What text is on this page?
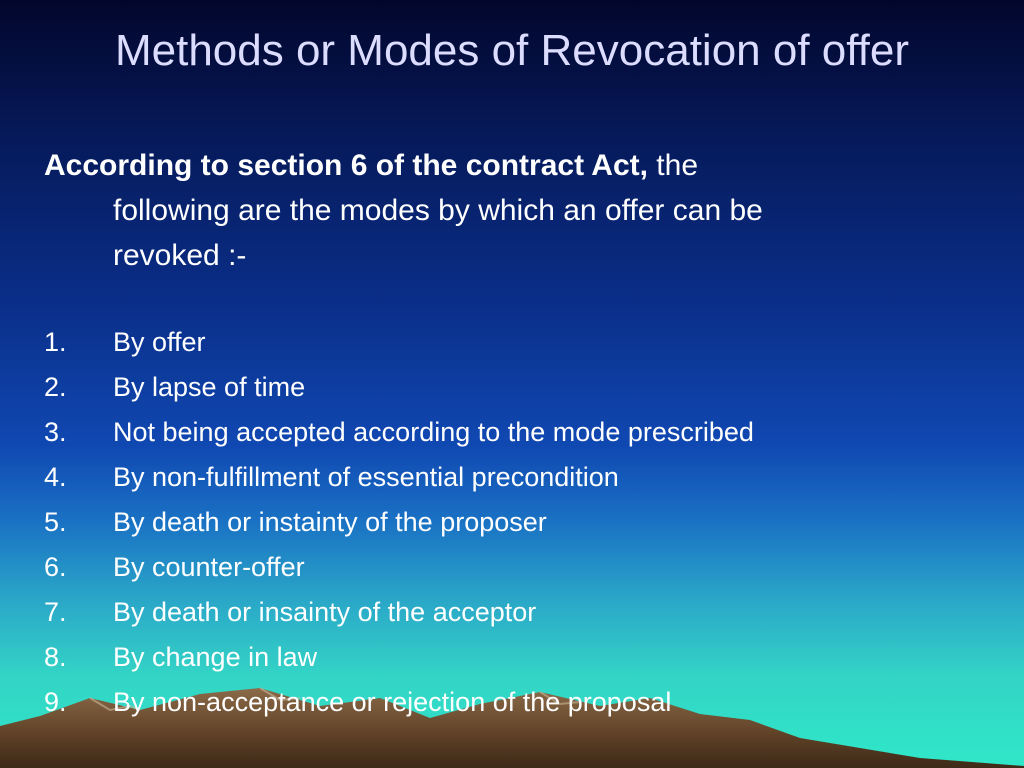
Methods or Modes of Revocation of offer
According to section 6 of the contract Act, the
following are the modes by which an offer can be
revoked :-
1.	By offer
2.	By lapse of time
3.	Not being accepted according to the mode prescribed
4.	By non-fulfillment of essential precondition
5.	By death or instainty of the proposer
6.	By counter-offer
7.	By death or insainty of the acceptor
8.	By change in law
9.	By non-acceptance or rejection of the proposal
